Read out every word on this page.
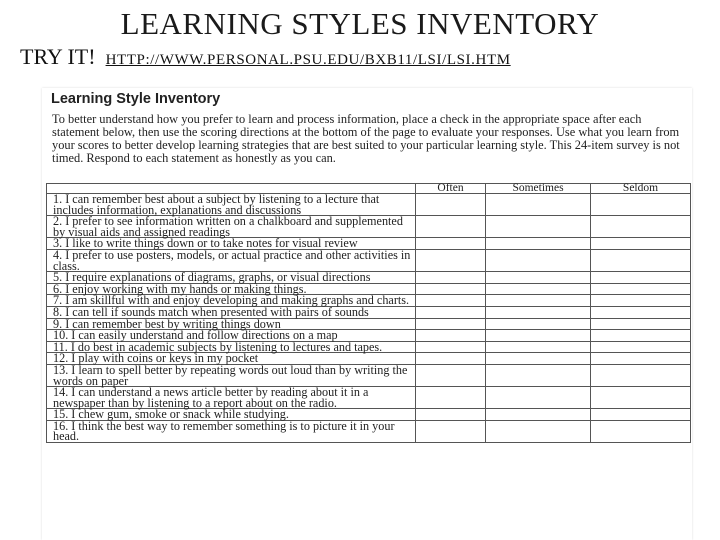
LEARNING STYLES INVENTORY
TRY IT! HTTP://WWW.PERSONAL.PSU.EDU/BXB11/LSI/LSI.HTM
Learning Style Inventory
To better understand how you prefer to learn and process information, place a check in the appropriate space after each statement below, then use the scoring directions at the bottom of the page to evaluate your responses. Use what you learn from your scores to better develop learning strategies that are best suited to your particular learning style. This 24-item survey is not timed. Respond to each statement as honestly as you can.
	Often	Sometimes	Seldom
1. I can remember best about a subject by listening to a lecture that includes information, explanations and discussions			
2. I prefer to see information written on a chalkboard and supplemented by visual aids and assigned readings			
3. I like to write things down or to take notes for visual review			
4. I prefer to use posters, models, or actual practice and other activities in class.			
5. I require explanations of diagrams, graphs, or visual directions			
6. I enjoy working with my hands or making things.			
7. I am skillful with and enjoy developing and making graphs and charts.			
8. I can tell if sounds match when presented with pairs of sounds			
9. I can remember best by writing things down			
10. I can easily understand and follow directions on a map			
11. I do best in academic subjects by listening to lectures and tapes.			
12. I play with coins or keys in my pocket			
13. I learn to spell better by repeating words out loud than by writing the words on paper			
14. I can understand a news article better by reading about it in a newspaper than by listening to a report about on the radio.			
15. I chew gum, smoke or snack while studying.			
16. I think the best way to remember something is to picture it in your head.			
